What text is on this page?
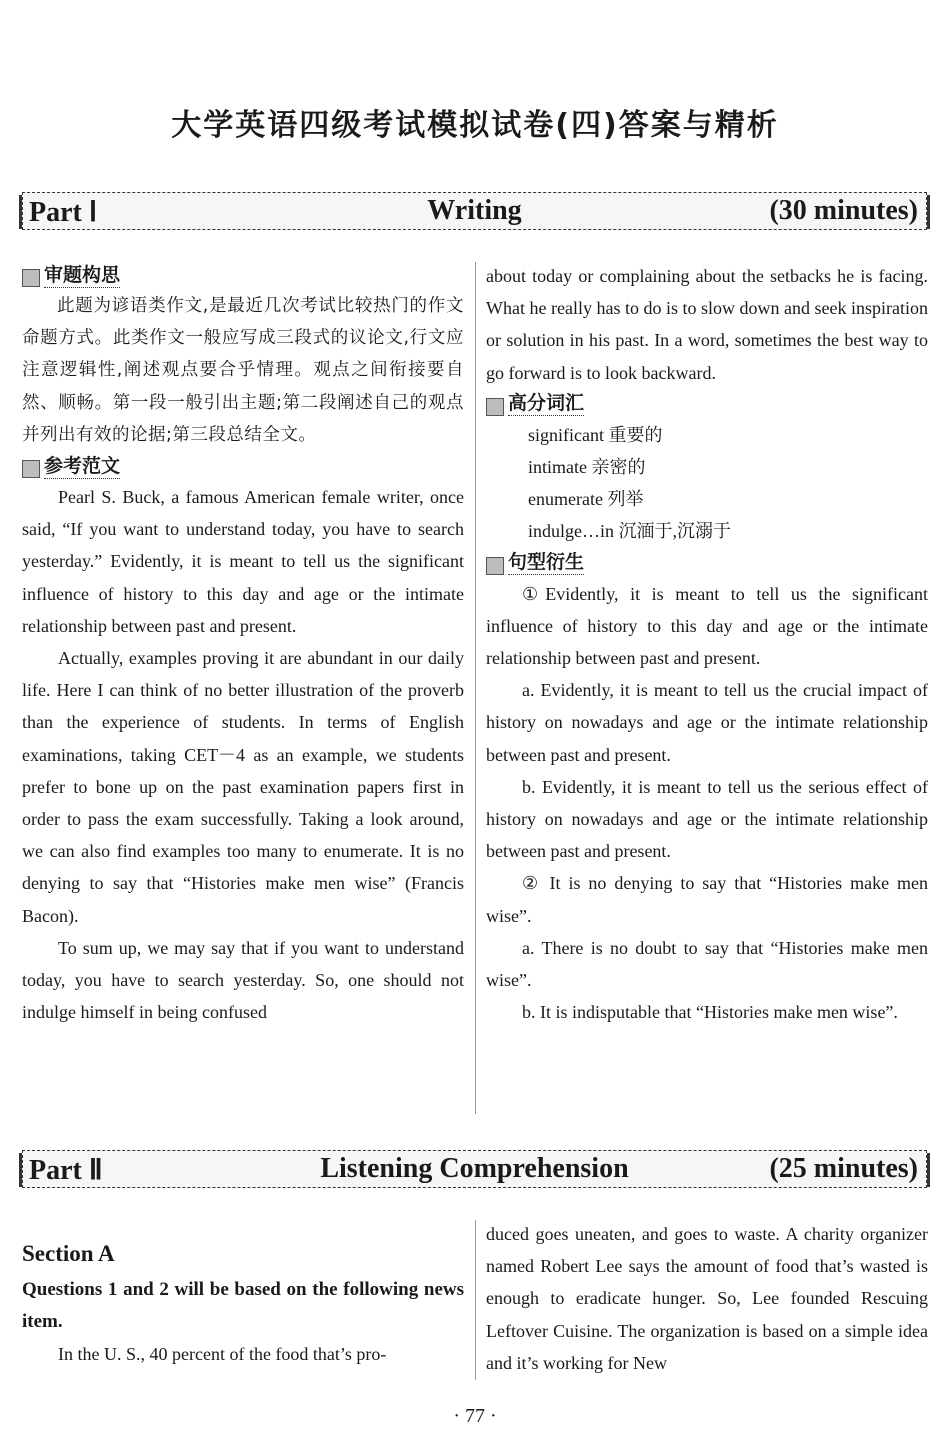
大学英语四级考试模拟试卷(四)答案与精析
Part Ⅰ	Writing	(30 minutes)
审题构思

此题为谚语类作文,是最近几次考试比较热门的作文命题方式。此类作文一般应写成三段式的议论文,行文应注意逻辑性,阐述观点要合乎情理。观点之间衔接要自然、顺畅。第一段一般引出主题;第二段阐述自己的观点并列出有效的论据;第三段总结全文。

参考范文

Pearl S. Buck, a famous American female writer, once said, “If you want to understand today, you have to search yesterday.” Evidently, it is meant to tell us the significant influence of history to this day and age or the intimate relationship between past and present.

Actually, examples proving it are abundant in our daily life. Here I can think of no better illustration of the proverb than the experience of students. In terms of English examinations, taking CET－4 as an example, we students prefer to bone up on the past examination papers first in order to pass the exam successfully. Taking a look around, we can also find examples too many to enumerate. It is no denying to say that “Histories make men wise” (Francis Bacon).

To sum up, we may say that if you want to understand today, you have to search yesterday. So, one should not indulge himself in being confused

about today or complaining about the setbacks he is facing. What he really has to do is to slow down and seek inspiration or solution in his past. In a word, sometimes the best way to go forward is to look backward.

高分词汇

significant 重要的

intimate 亲密的

enumerate 列举

indulge…in 沉湎于,沉溺于

句型衍生

①Evidently, it is meant to tell us the significant influence of history to this day and age or the intimate relationship between past and present.

a. Evidently, it is meant to tell us the crucial impact of history on nowadays and age or the intimate relationship between past and present.

b. Evidently, it is meant to tell us the serious effect of history on nowadays and age or the intimate relationship between past and present.

② It is no denying to say that “Histories make men wise”.

a. There is no doubt to say that “Histories make men wise”.

b. It is indisputable that “Histories make men wise”.

Part Ⅱ	Listening Comprehension	(25 minutes)
Section A

Questions 1 and 2 will be based on the following news item.

In the U. S., 40 percent of the food that’s pro-

duced goes uneaten, and goes to waste. A charity organizer named Robert Lee says the amount of food that’s wasted is enough to eradicate hunger. So, Lee founded Rescuing Leftover Cuisine. The organization is based on a simple idea and it’s working for New

· 77 ·
